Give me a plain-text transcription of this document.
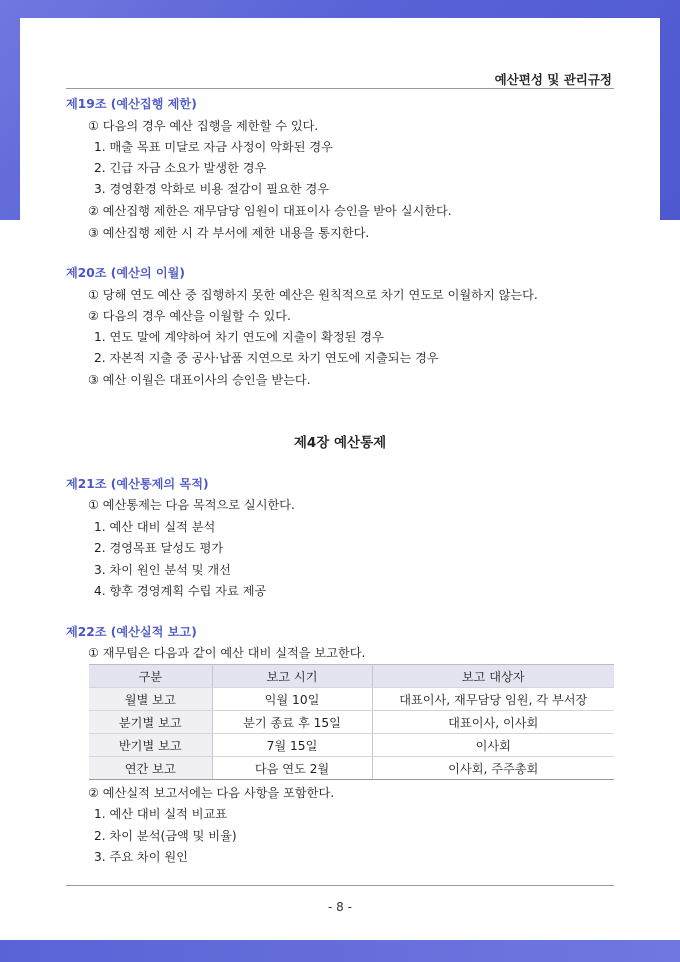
예산편성 및 관리규정
제19조 (예산집행 제한)
① 다음의 경우 예산 집행을 제한할 수 있다.
1. 매출 목표 미달로 자금 사정이 악화된 경우
2. 긴급 자금 소요가 발생한 경우
3. 경영환경 악화로 비용 절감이 필요한 경우
② 예산집행 제한은 재무담당 임원이 대표이사 승인을 받아 실시한다.
③ 예산집행 제한 시 각 부서에 제한 내용을 통지한다.
제20조 (예산의 이월)
① 당해 연도 예산 중 집행하지 못한 예산은 원칙적으로 차기 연도로 이월하지 않는다.
② 다음의 경우 예산을 이월할 수 있다.
1. 연도 말에 계약하여 차기 연도에 지출이 확정된 경우
2. 자본적 지출 중 공사·납품 지연으로 차기 연도에 지출되는 경우
③ 예산 이월은 대표이사의 승인을 받는다.
제4장 예산통제
제21조 (예산통제의 목적)
① 예산통제는 다음 목적으로 실시한다.
1. 예산 대비 실적 분석
2. 경영목표 달성도 평가
3. 차이 원인 분석 및 개선
4. 향후 경영계획 수립 자료 제공
제22조 (예산실적 보고)
① 재무팀은 다음과 같이 예산 대비 실적을 보고한다.
구분	보고 시기	보고 대상자
월별 보고	익월 10일	대표이사, 재무담당 임원, 각 부서장
분기별 보고	분기 종료 후 15일	대표이사, 이사회
반기별 보고	7월 15일	이사회
연간 보고	다음 연도 2월	이사회, 주주총회
② 예산실적 보고서에는 다음 사항을 포함한다.
1. 예산 대비 실적 비교표
2. 차이 분석(금액 및 비율)
3. 주요 차이 원인
- 8 -
